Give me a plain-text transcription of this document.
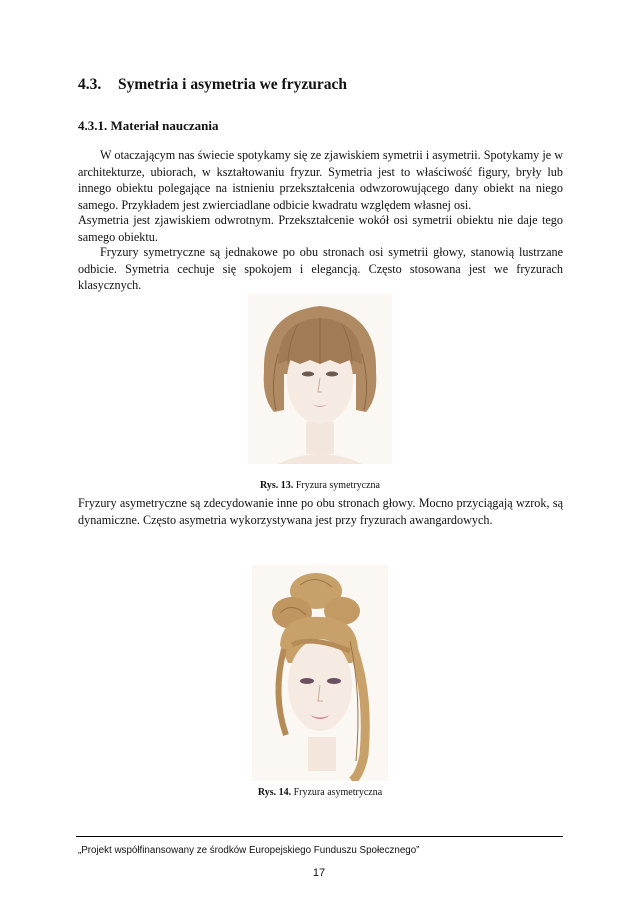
4.3. Symetria i asymetria we fryzurach
4.3.1. Materiał nauczania

W otaczającym nas świecie spotykamy się ze zjawiskiem symetrii i asymetrii. Spotykamy je w architekturze, ubiorach, w kształtowaniu fryzur. Symetria jest to właściwość figury, bryły lub innego obiektu polegające na istnieniu przekształcenia odwzorowującego dany obiekt na niego samego. Przykładem jest zwierciadlane odbicie kwadratu względem własnej osi.

Asymetria jest zjawiskiem odwrotnym. Przekształcenie wokół osi symetrii obiektu nie daje tego samego obiektu.

Fryzury symetryczne są jednakowe po obu stronach osi symetrii głowy, stanowią lustrzane odbicie. Symetria cechuje się spokojem i elegancją. Często stosowana jest we fryzurach klasycznych.

Rys. 13. Fryzura symetryczna

Fryzury asymetryczne są zdecydowanie inne po obu stronach głowy. Mocno przyciągają wzrok, są dynamiczne. Często asymetria wykorzystywana jest przy fryzurach awangardowych.

Rys. 14. Fryzura asymetryczna

„Projekt współfinansowany ze środków Europejskiego Funduszu Społecznego”

17
